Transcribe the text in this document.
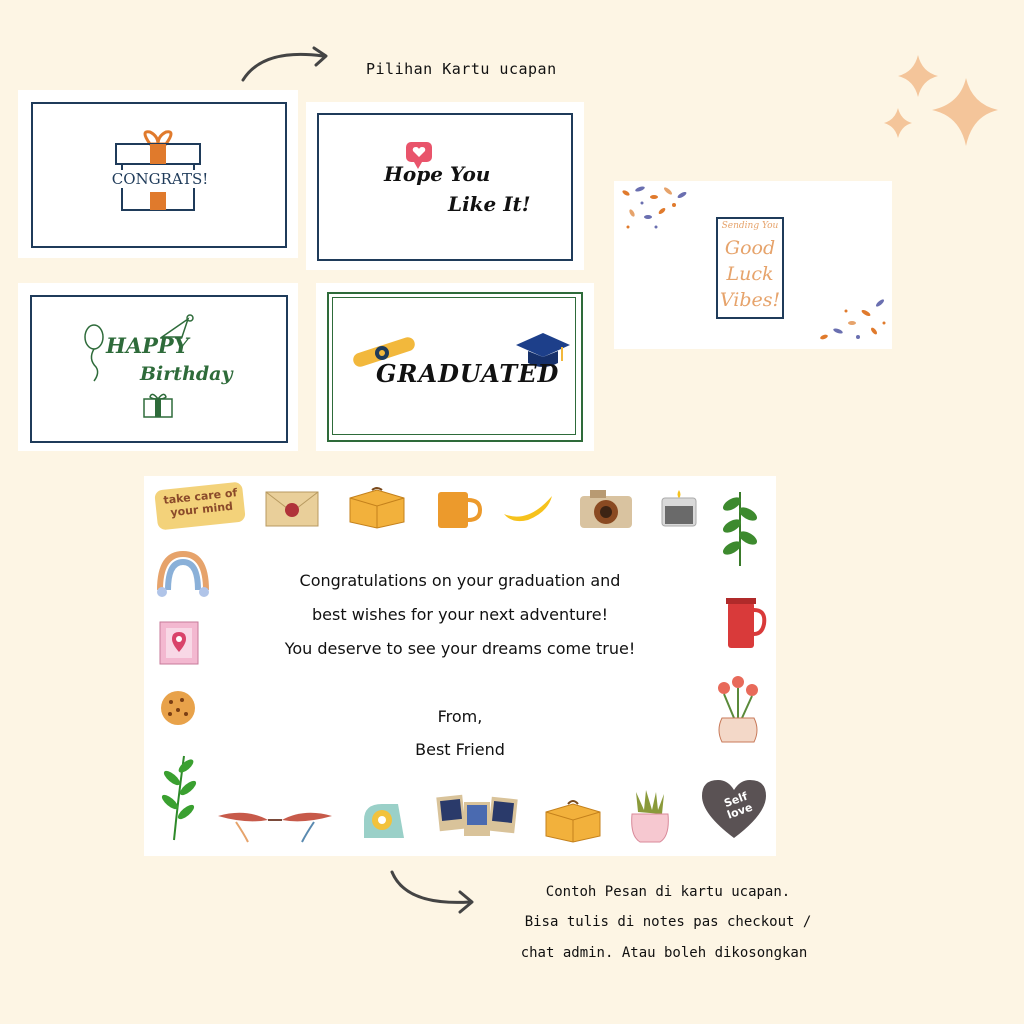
Pilihan Kartu ucapan
CONGRATS!	Hope You
Like It!
Sending You
Good
Luck
Vibes!
HAPPY
Birthday	GRADUATED
take care of your mind
Self love
Congratulations on your graduation and
best wishes for your next adventure!
You deserve to see your dreams come true!
From,
Best Friend
Contoh Pesan di kartu ucapan.
Bisa tulis di notes pas checkout /
chat admin. Atau boleh dikosongkan
